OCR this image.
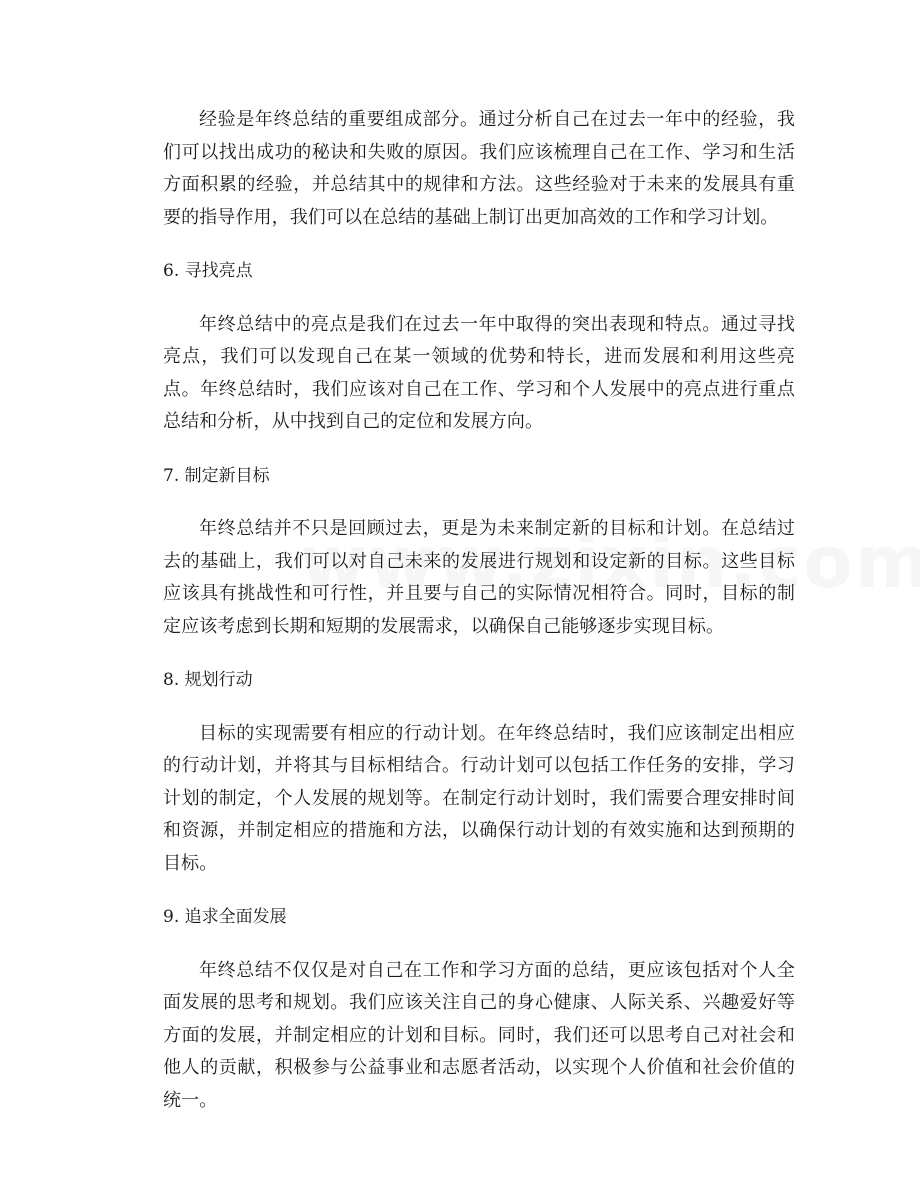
经验是年终总结的重要组成部分。通过分析自己在过去一年中的经验，我们可以找出成功的秘诀和失败的原因。我们应该梳理自己在工作、学习和生活方面积累的经验，并总结其中的规律和方法。这些经验对于未来的发展具有重要的指导作用，我们可以在总结的基础上制订出更加高效的工作和学习计划。

6. 寻找亮点

年终总结中的亮点是我们在过去一年中取得的突出表现和特点。通过寻找亮点，我们可以发现自己在某一领域的优势和特长，进而发展和利用这些亮点。年终总结时，我们应该对自己在工作、学习和个人发展中的亮点进行重点总结和分析，从中找到自己的定位和发展方向。

7. 制定新目标

年终总结并不只是回顾过去，更是为未来制定新的目标和计划。在总结过去的基础上，我们可以对自己未来的发展进行规划和设定新的目标。这些目标应该具有挑战性和可行性，并且要与自己的实际情况相符合。同时，目标的制定应该考虑到长期和短期的发展需求，以确保自己能够逐步实现目标。

8. 规划行动

目标的实现需要有相应的行动计划。在年终总结时，我们应该制定出相应的行动计划，并将其与目标相结合。行动计划可以包括工作任务的安排，学习计划的制定，个人发展的规划等。在制定行动计划时，我们需要合理安排时间和资源，并制定相应的措施和方法，以确保行动计划的有效实施和达到预期的目标。

9. 追求全面发展

年终总结不仅仅是对自己在工作和学习方面的总结，更应该包括对个人全面发展的思考和规划。我们应该关注自己的身心健康、人际关系、兴趣爱好等方面的发展，并制定相应的计划和目标。同时，我们还可以思考自己对社会和他人的贡献，积极参与公益事业和志愿者活动，以实现个人价值和社会价值的统一。
